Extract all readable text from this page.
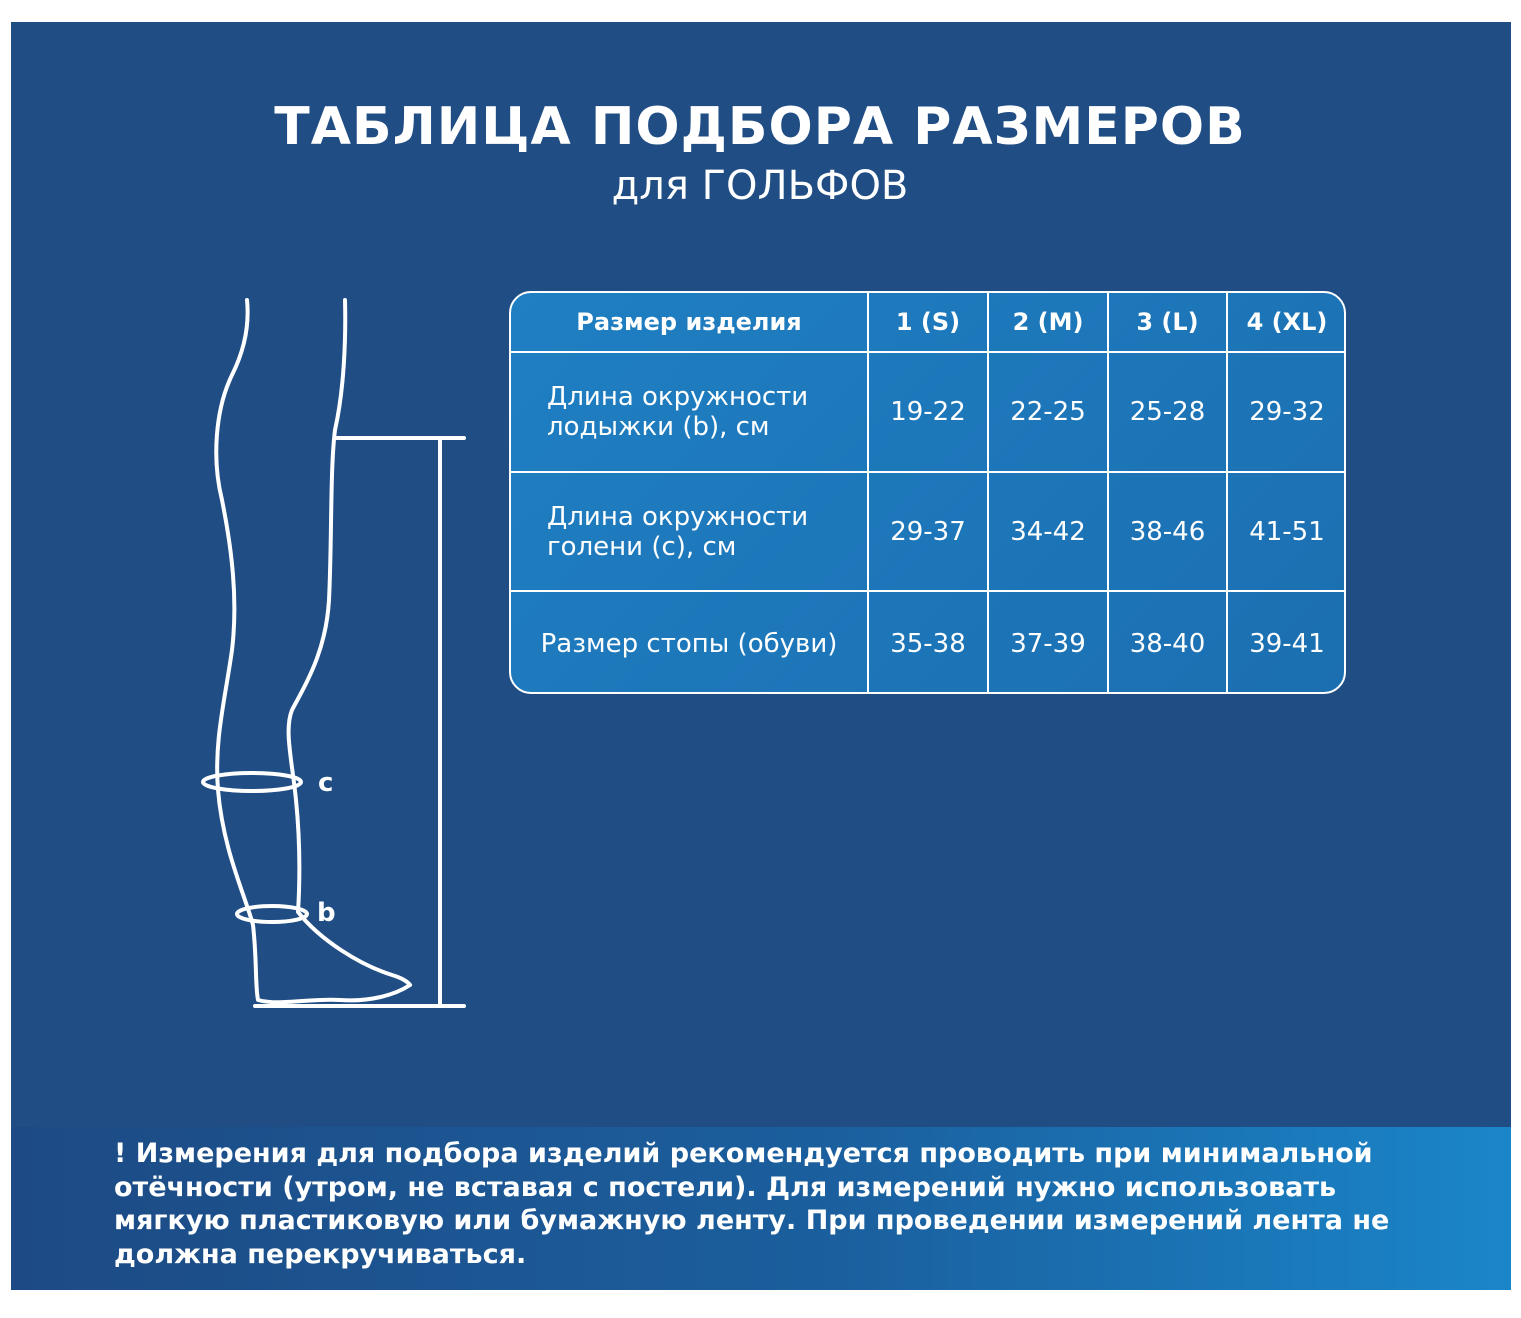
ТАБЛИЦА ПОДБОРА РАЗМЕРОВ
для ГОЛЬФОВ
c
b
Размер изделия	1 (S)	2 (M)	3 (L)	4 (XL)

Длина окружности
лодыжки (b), см	19-22	22-25	25-28	29-32

Длина окружности
голени (c), см	29-37	34-42	38-46	41-51
Размер стопы (обуви)	35-38	37-39	38-40	39-41
! Измерения для подбора изделий рекомендуется проводить при минимальной отёчности (утром, не вставая с постели). Для измерений нужно использовать мягкую пластиковую или бумажную ленту. При проведении измерений лента не должна перекручиваться.
